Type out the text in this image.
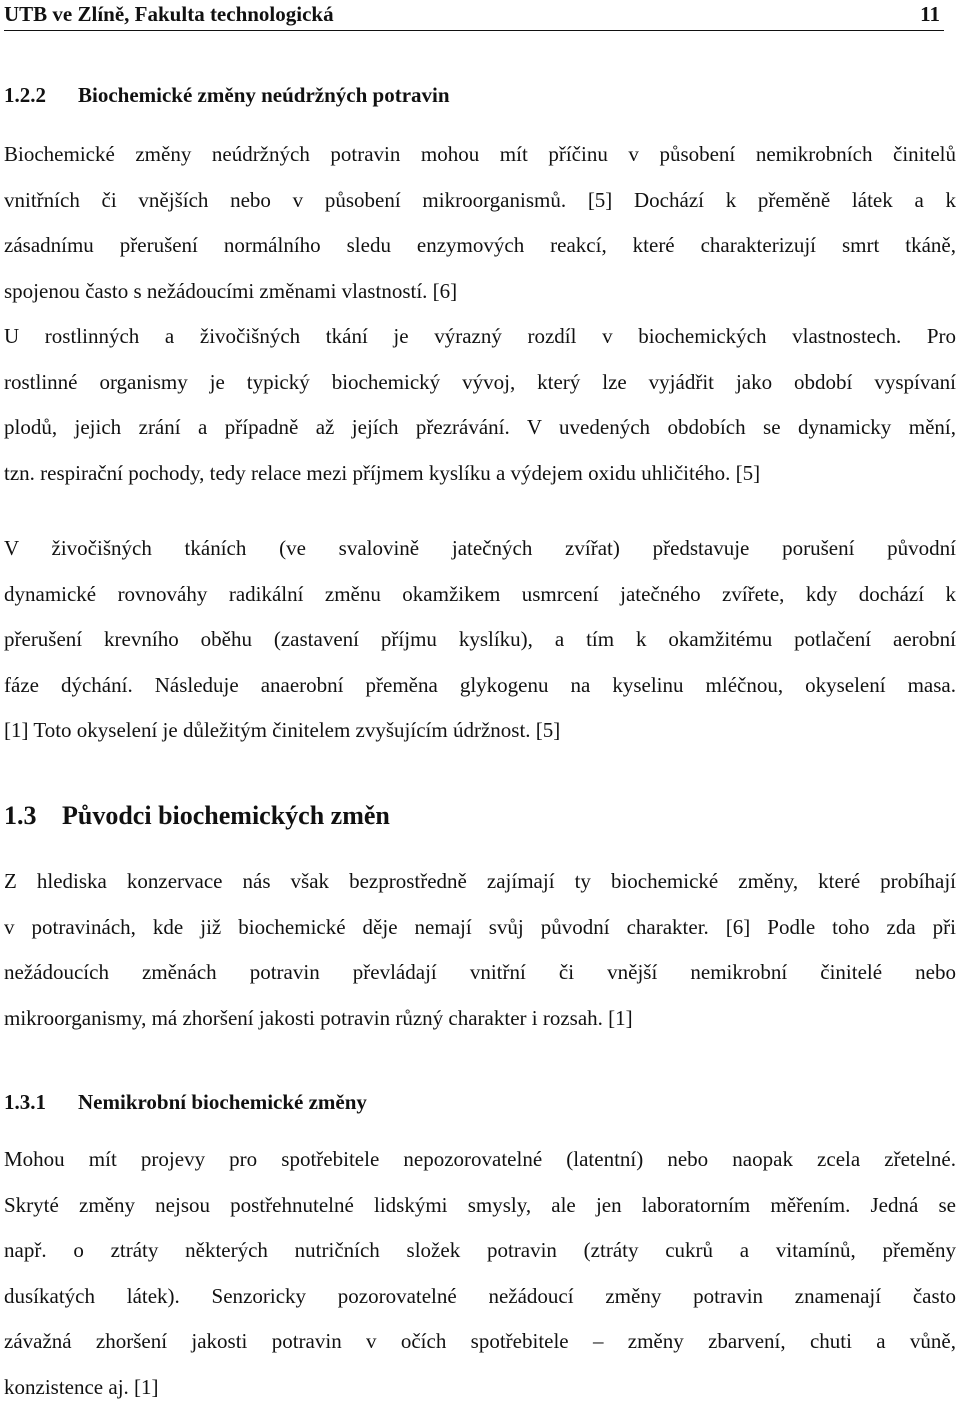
UTB ve Zlíně, Fakulta technologická	11
1.2.2 Biochemické změny neúdržných potravin

Biochemické změny neúdržných potravin mohou mít příčinu v působení nemikrobních činitelů
vnitřních či vnějších nebo v působení mikroorganismů. [5] Dochází k přeměně látek a k
zásadnímu přerušení normálního sledu enzymových reakcí, které charakterizují smrt tkáně,
spojenou často s nežádoucími změnami vlastností. [6]

U rostlinných a živočišných tkání je výrazný rozdíl v biochemických vlastnostech. Pro
rostlinné organismy je typický biochemický vývoj, který lze vyjádřit jako období vyspívaní
plodů, jejich zrání a případně až jejích přezrávání. V uvedených obdobích se dynamicky mění,
tzn. respirační pochody, tedy relace mezi příjmem kyslíku a výdejem oxidu uhličitého. [5]

V živočišných tkáních (ve svalovině jatečných zvířat) představuje porušení původní
dynamické rovnováhy radikální změnu okamžikem usmrcení jatečného zvířete, kdy dochází k
přerušení krevního oběhu (zastavení příjmu kyslíku), a tím k okamžitému potlačení aerobní
fáze dýchání. Následuje anaerobní přeměna glykogenu na kyselinu mléčnou, okyselení masa.
[1] Toto okyselení je důležitým činitelem zvyšujícím údržnost. [5]

1.3 Původci biochemických změn

Z hlediska konzervace nás však bezprostředně zajímají ty biochemické změny, které probíhají
v potravinách, kde již biochemické děje nemají svůj původní charakter. [6] Podle toho zda při
nežádoucích změnách potravin převládají vnitřní či vnější nemikrobní činitelé nebo
mikroorganismy, má zhoršení jakosti potravin různý charakter i rozsah. [1]

1.3.1 Nemikrobní biochemické změny

Mohou mít projevy pro spotřebitele nepozorovatelné (latentní) nebo naopak zcela zřetelné.
Skryté změny nejsou postřehnutelné lidskými smysly, ale jen laboratorním měřením. Jedná se
např. o ztráty některých nutričních složek potravin (ztráty cukrů a vitamínů, přeměny
dusíkatých látek). Senzoricky pozorovatelné nežádoucí změny potravin znamenají často
závažná zhoršení jakosti potravin v očích spotřebitele – změny zbarvení, chuti a vůně,
konzistence aj. [1]
